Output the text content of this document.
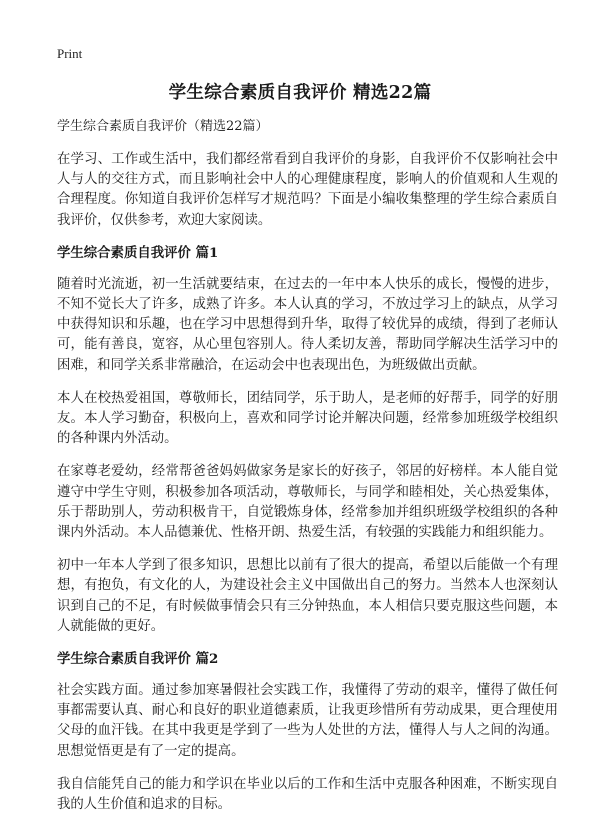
Print
学生综合素质自我评价 精选22篇
学生综合素质自我评价（精选22篇）

在学习、工作或生活中，我们都经常看到自我评价的身影，自我评价不仅影响社会中人与人的交往方式，而且影响社会中人的心理健康程度，影响人的价值观和人生观的合理程度。你知道自我评价怎样写才规范吗？下面是小编收集整理的学生综合素质自我评价，仅供参考，欢迎大家阅读。

学生综合素质自我评价 篇1

随着时光流逝，初一生活就要结束，在过去的一年中本人快乐的成长，慢慢的进步，不知不觉长大了许多，成熟了许多。本人认真的学习，不放过学习上的缺点，从学习中获得知识和乐趣，也在学习中思想得到升华，取得了较优异的成绩，得到了老师认可，能有善良，宽容，从心里包容别人。待人柔切友善，帮助同学解决生活学习中的困难，和同学关系非常融洽，在运动会中也表现出色，为班级做出贡献。

本人在校热爱祖国，尊敬师长，团结同学，乐于助人，是老师的好帮手，同学的好朋友。本人学习勤奋，积极向上，喜欢和同学讨论并解决问题，经常参加班级学校组织的各种课内外活动。

在家尊老爱幼，经常帮爸爸妈妈做家务是家长的好孩子，邻居的好榜样。本人能自觉遵守中学生守则，积极参加各项活动，尊敬师长，与同学和睦相处，关心热爱集体，乐于帮助别人，劳动积极肯干，自觉锻炼身体，经常参加并组织班级学校组织的各种课内外活动。本人品德兼优、性格开朗、热爱生活，有较强的实践能力和组织能力。

初中一年本人学到了很多知识，思想比以前有了很大的提高，希望以后能做一个有理想，有抱负，有文化的人，为建设社会主义中国做出自己的努力。当然本人也深刻认识到自己的不足，有时候做事情会只有三分钟热血，本人相信只要克服这些问题，本人就能做的更好。

学生综合素质自我评价 篇2

社会实践方面。通过参加寒暑假社会实践工作，我懂得了劳动的艰辛，懂得了做任何事都需要认真、耐心和良好的职业道德素质，让我更珍惜所有劳动成果，更合理使用父母的血汗钱。在其中我更是学到了一些为人处世的方法，懂得人与人之间的沟通。思想觉悟更是有了一定的提高。

我自信能凭自己的能力和学识在毕业以后的工作和生活中克服各种困难，不断实现自我的人生价值和追求的目标。
